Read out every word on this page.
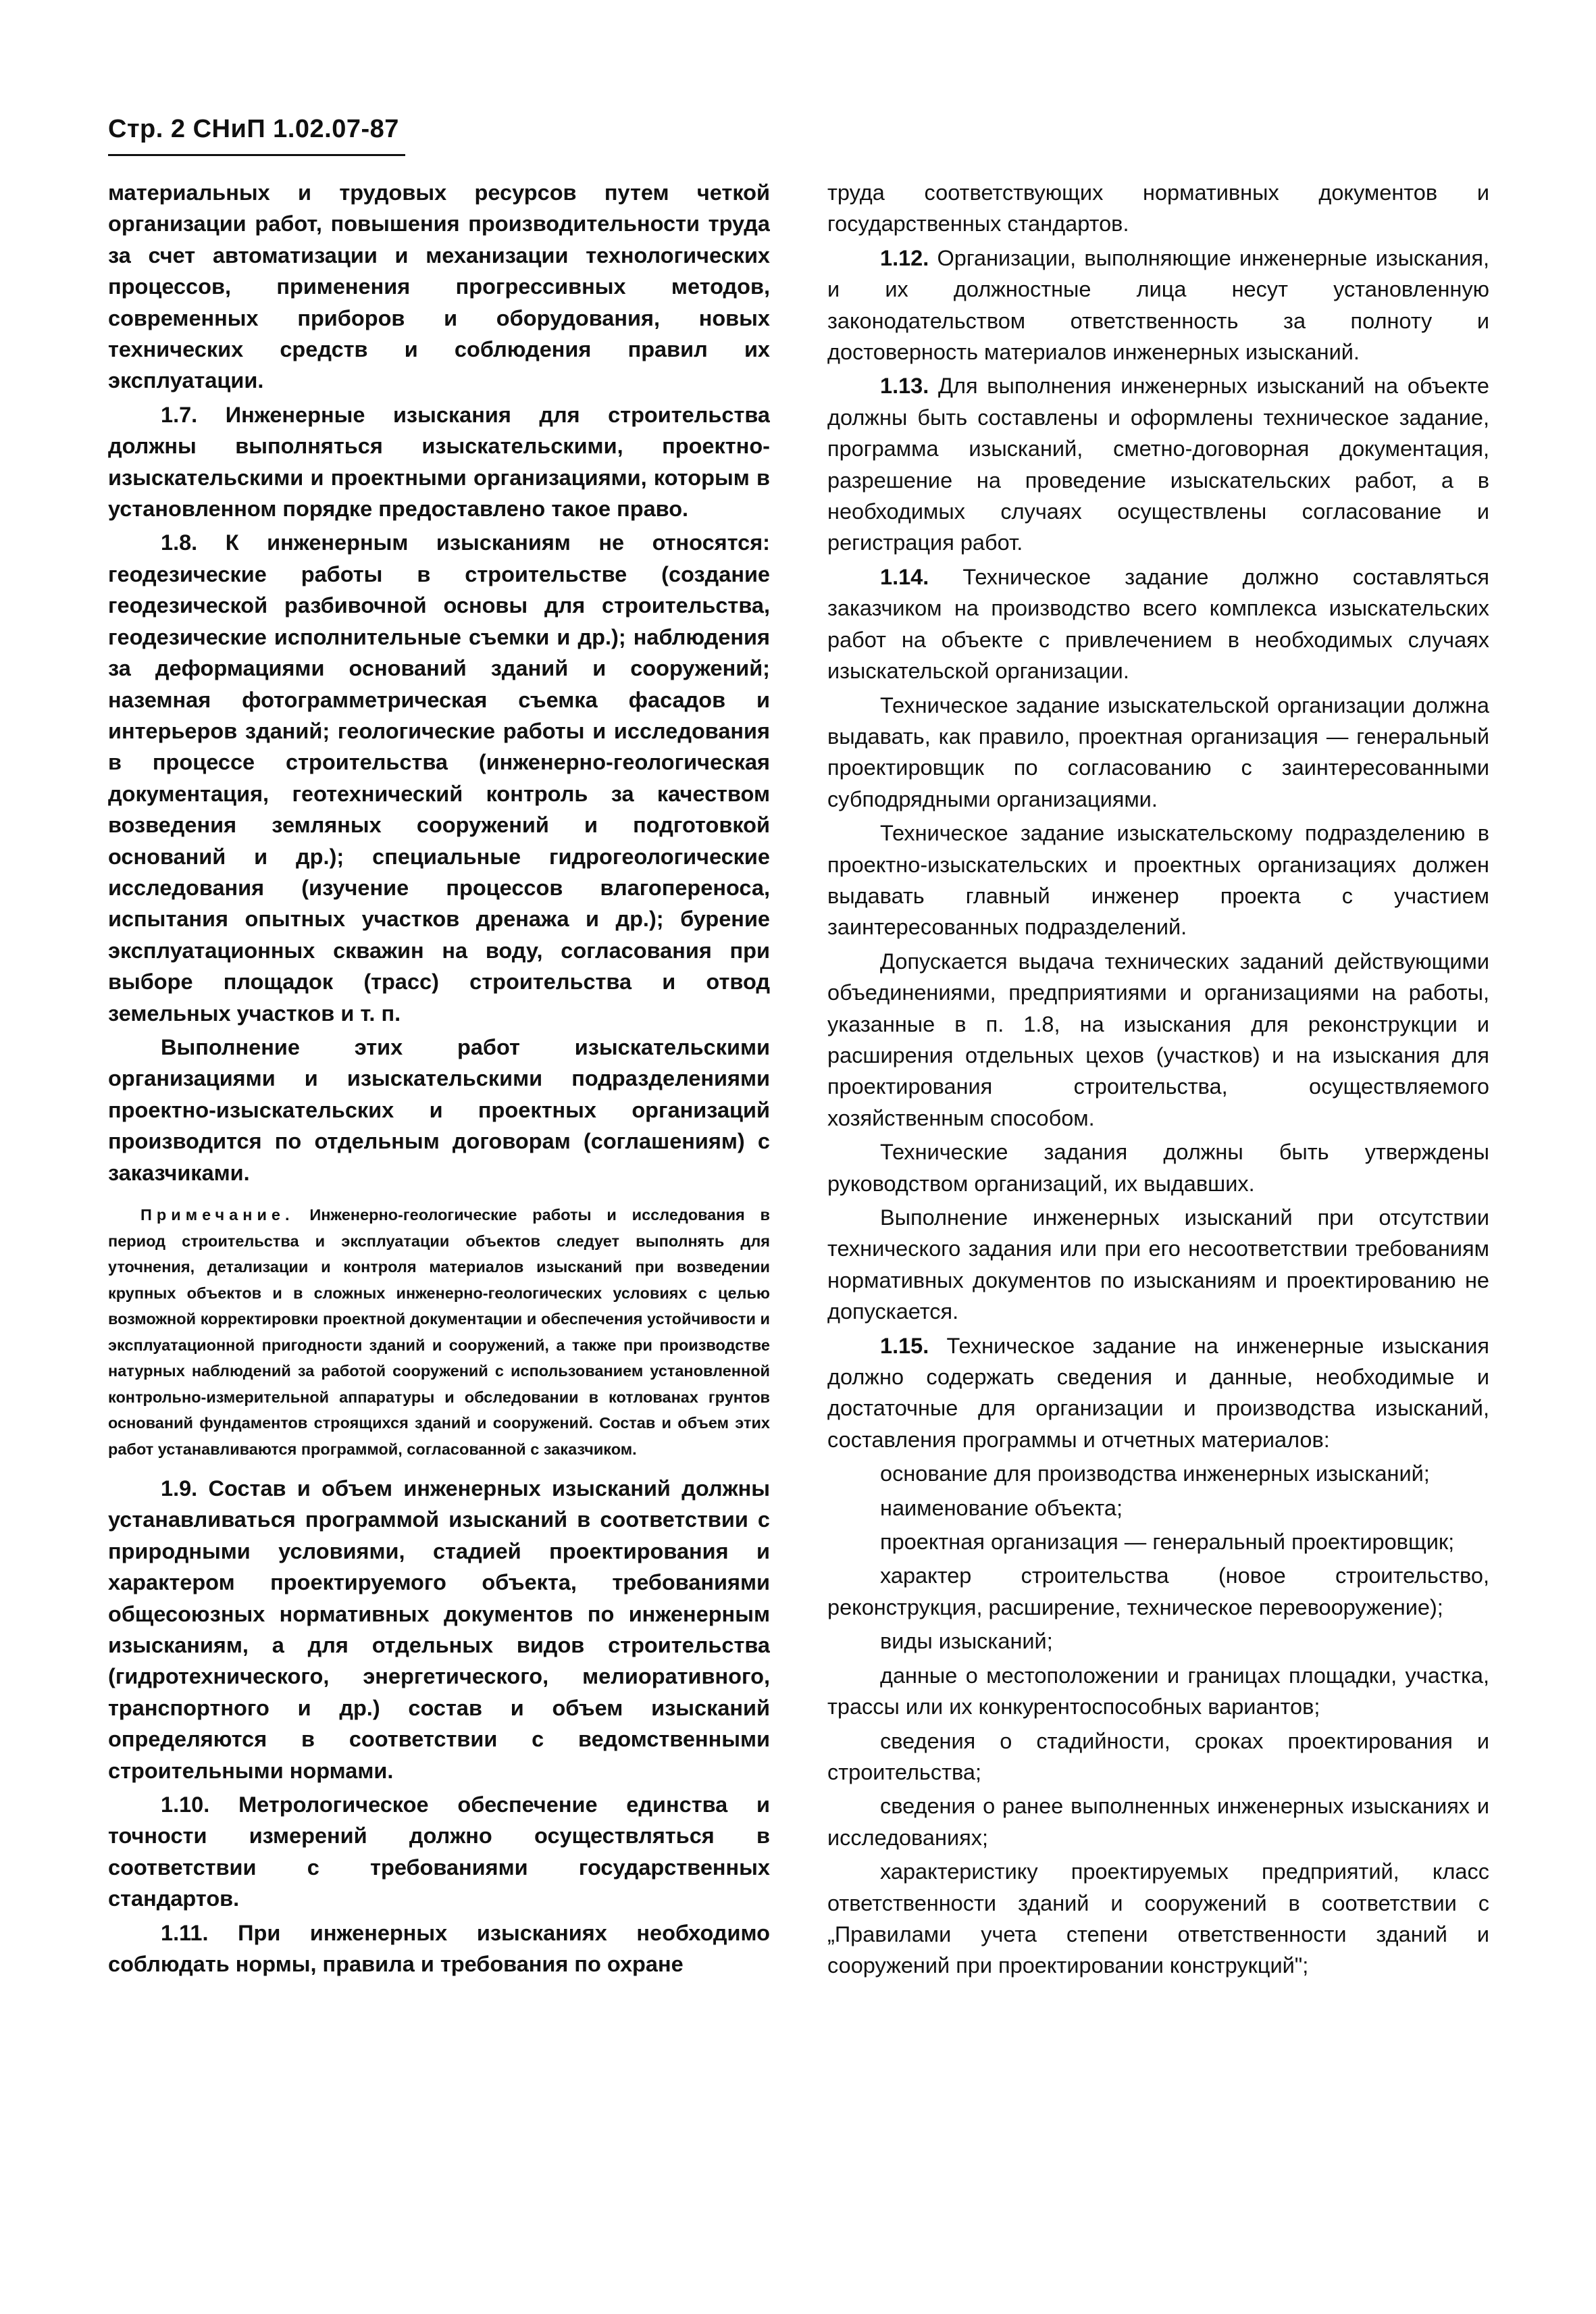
Стр. 2 СНиП 1.02.07-87

материальных и трудовых ресурсов путем четкой организации работ, повышения производительности труда за счет автоматизации и механизации технологических процессов, применения прогрессивных методов, современных приборов и оборудования, новых технических средств и соблюдения правил их эксплуатации.

1.7. Инженерные изыскания для строительства должны выполняться изыскательскими, проектно-изыскательскими и проектными организациями, которым в установленном порядке предоставлено такое право.

1.8. К инженерным изысканиям не относятся: геодезические работы в строительстве (создание геодезической разбивочной основы для строительства, геодезические исполнительные съемки и др.); наблюдения за деформациями оснований зданий и сооружений; наземная фотограмметрическая съемка фасадов и интерьеров зданий; геологические работы и исследования в процессе строительства (инженерно-геологическая документация, геотехнический контроль за качеством возведения земляных сооружений и подготовкой оснований и др.); специальные гидрогеологические исследования (изучение процессов влагопереноса, испытания опытных участков дренажа и др.); бурение эксплуатационных скважин на воду, согласования при выборе площадок (трасс) строительства и отвод земельных участков и т. п.

Выполнение этих работ изыскательскими организациями и изыскательскими подразделениями проектно-изыскательских и проектных организаций производится по отдельным договорам (соглашениям) с заказчиками.

Примечание. Инженерно-геологические работы и исследования в период строительства и эксплуатации объектов следует выполнять для уточнения, детализации и контроля материалов изысканий при возведении крупных объектов и в сложных инженерно-геологических условиях с целью возможной корректировки проектной документации и обеспечения устойчивости и эксплуатационной пригодности зданий и сооружений, а также при производстве натурных наблюдений за работой сооружений с использованием установленной контрольно-измерительной аппаратуры и обследовании в котлованах грунтов оснований фундаментов строящихся зданий и сооружений. Состав и объем этих работ устанавливаются программой, согласованной с заказчиком.

1.9. Состав и объем инженерных изысканий должны устанавливаться программой изысканий в соответствии с природными условиями, стадией проектирования и характером проектируемого объекта, требованиями общесоюзных нормативных документов по инженерным изысканиям, а для отдельных видов строительства (гидротехнического, энергетического, мелиоративного, транспортного и др.) состав и объем изысканий определяются в соответствии с ведомственными строительными нормами.

1.10. Метрологическое обеспечение единства и точности измерений должно осуществляться в соответствии с требованиями государственных стандартов.

1.11. При инженерных изысканиях необходимо соблюдать нормы, правила и требования по охране

труда соответствующих нормативных документов и государственных стандартов.

1.12. Организации, выполняющие инженерные изыскания, и их должностные лица несут установленную законодательством ответственность за полноту и достоверность материалов инженерных изысканий.

1.13. Для выполнения инженерных изысканий на объекте должны быть составлены и оформлены техническое задание, программа изысканий, сметно-договорная документация, разрешение на проведение изыскательских работ, а в необходимых случаях осуществлены согласование и регистрация работ.

1.14. Техническое задание должно составляться заказчиком на производство всего комплекса изыскательских работ на объекте с привлечением в необходимых случаях изыскательской организации.

Техническое задание изыскательской организации должна выдавать, как правило, проектная организация — генеральный проектировщик по согласованию с заинтересованными субподрядными организациями.

Техническое задание изыскательскому подразделению в проектно-изыскательских и проектных организациях должен выдавать главный инженер проекта с участием заинтересованных подразделений.

Допускается выдача технических заданий действующими объединениями, предприятиями и организациями на работы, указанные в п. 1.8, на изыскания для реконструкции и расширения отдельных цехов (участков) и на изыскания для проектирования строительства, осуществляемого хозяйственным способом.

Технические задания должны быть утверждены руководством организаций, их выдавших.

Выполнение инженерных изысканий при отсутствии технического задания или при его несоответствии требованиям нормативных документов по изысканиям и проектированию не допускается.

1.15. Техническое задание на инженерные изыскания должно содержать сведения и данные, необходимые и достаточные для организации и производства изысканий, составления программы и отчетных материалов:

основание для производства инженерных изысканий;

наименование объекта;

проектная организация — генеральный проектировщик;

характер строительства (новое строительство, реконструкция, расширение, техническое перевооружение);

виды изысканий;

данные о местоположении и границах площадки, участка, трассы или их конкурентоспособных вариантов;

сведения о стадийности, сроках проектирования и строительства;

сведения о ранее выполненных инженерных изысканиях и исследованиях;

характеристику проектируемых предприятий, класс ответственности зданий и сооружений в соответствии с „Правилами учета степени ответственности зданий и сооружений при проектировании конструкций";
